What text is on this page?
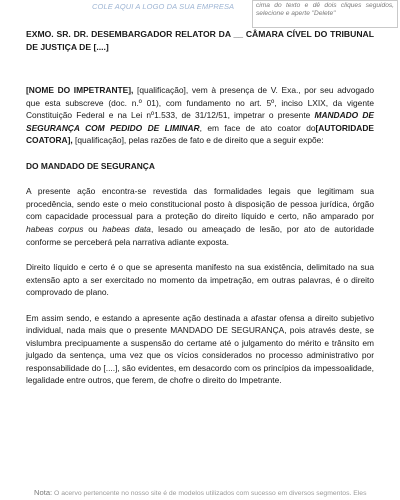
COLE AQUI A LOGO DA SUA EMPRESA	cima do texto e dê dois cliques seguidos, selecione e aperte "Delete"
EXMO. SR. DR. DESEMBARGADOR RELATOR DA __ CÂMARA CÍVEL DO TRIBUNAL DE JUSTIÇA DE [....]

[NOME DO IMPETRANTE], [qualificação], vem à presença de V. Exa., por seu advogado que esta subscreve (doc. n.º 01), com fundamento no art. 5º, inciso LXIX, da vigente Constituição Federal e na Lei nº1.533, de 31/12/51, impetrar o presente MANDADO DE SEGURANÇA COM PEDIDO DE LIMINAR, em face de ato coator do[AUTORIDADE COATORA], [qualificação], pelas razões de fato e de direito que a seguir expõe:

DO MANDADO DE SEGURANÇA

A presente ação encontra-se revestida das formalidades legais que legitimam sua procedência, sendo este o meio constitucional posto à disposição de pessoa jurídica, órgão com capacidade processual para a proteção do direito líquido e certo, não amparado por habeas corpus ou habeas data, lesado ou ameaçado de lesão, por ato de autoridade conforme se perceberá pela narrativa adiante exposta.

Direito líquido e certo é o que se apresenta manifesto na sua existência, delimitado na sua extensão apto a ser exercitado no momento da impetração, em outras palavras, é o direito comprovado de plano.

Em assim sendo, e estando a apresente ação destinada a afastar ofensa a direito subjetivo individual, nada mais que o presente MANDADO DE SEGURANÇA, pois através deste, se vislumbra precipuamente a suspensão do certame até o julgamento do mérito e trânsito em julgado da sentença, uma vez que os vícios considerados no processo administrativo por responsabilidade do [....], são evidentes, em desacordo com os princípios da impessoalidade, legalidade entre outros, que ferem, de chofre o direito do Impetrante.

Nota: O acervo pertencente no nosso site é de modelos utilizados com sucesso em diversos segmentos. Eles
